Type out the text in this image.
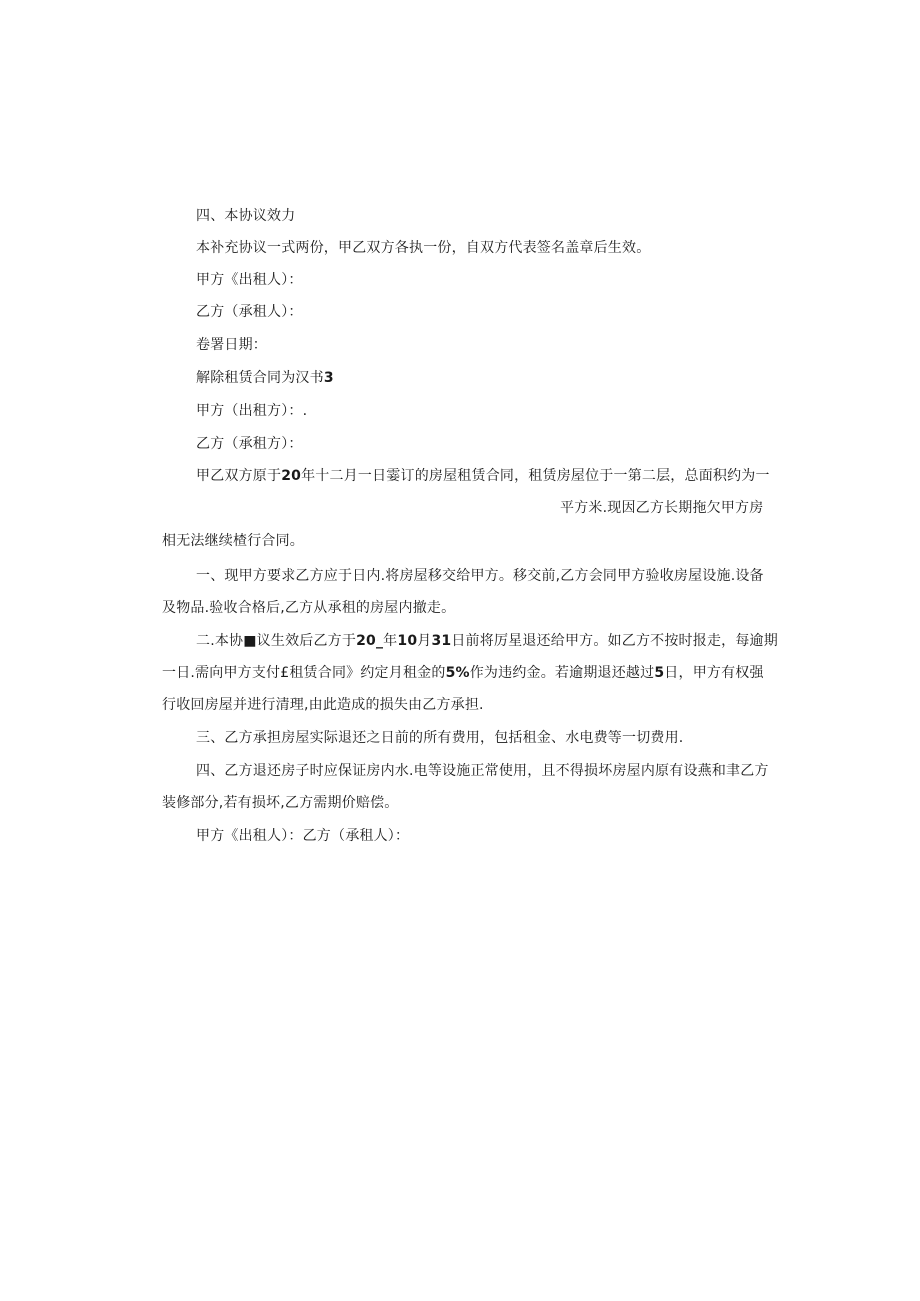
四、本协议效力
本补充协议一式两份，甲乙双方各执一份，自双方代表签名盖章后生效。
甲方《出租人）：
乙方（承租人）：
卷署日期：
解除租赁合同为汉书3
甲方（出租方）：.
乙方（承租方）：
甲乙双方原于20年十二月一日霎订的房屋租赁合同，租赁房屋位于一第二层，总面积约为一
平方米.现因乙方长期拖欠甲方房
相无法继续楂行合同。
一、现甲方要求乙方应于日内.将房屋移交给甲方。移交前,乙方会同甲方验收房屋设施.设备
及物品.验收合格后,乙方从承租的房屋内撤走。
二.本协■议生效后乙方于20_年10月31日前将厉星退还给甲方。如乙方不按时报走，每逾期
一日.需向甲方支付£租赁合同》约定月租金的5%作为违约金。若逾期退还越过5日，甲方有权强
行收回房屋并进行清理,由此造成的损失由乙方承担.
三、乙方承担房屋实际退还之日前的所有费用，包括租金、水电费等一切费用.
四、乙方退还房子时应保证房内水.电等设施正常使用，且不得损坏房屋内原有设燕和聿乙方
装修部分,若有损坏,乙方需期价赔偿。
甲方《出租人）：乙方（承租人）：
